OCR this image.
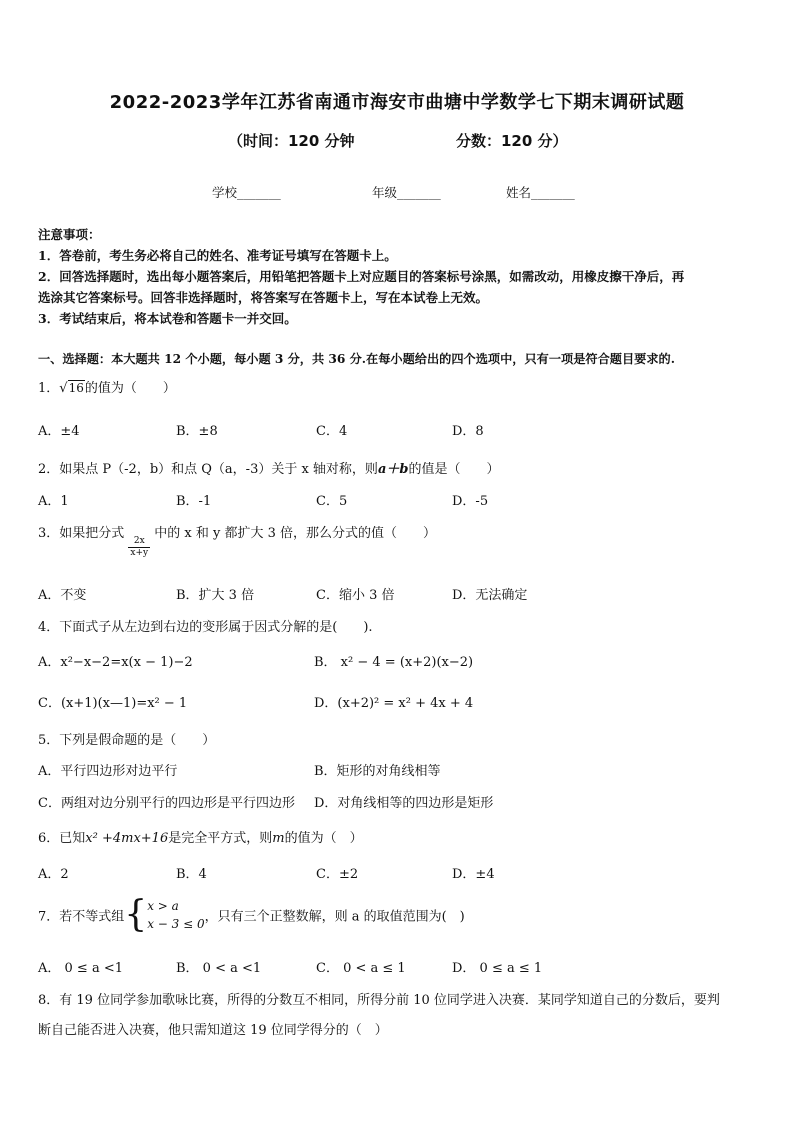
2022-2023学年江苏省南通市海安市曲塘中学数学七下期末调研试题
（时间：120 分钟	分数：120 分）
学校_______	年级_______	姓名_______
注意事项：
1．答卷前，考生务必将自己的姓名、准考证号填写在答题卡上。
2．回答选择题时，选出每小题答案后，用铅笔把答题卡上对应题目的答案标号涂黑，如需改动，用橡皮擦干净后，再
选涂其它答案标号。回答非选择题时，将答案写在答题卡上，写在本试卷上无效。
3．考试结束后，将本试卷和答题卡一并交回。
一、选择题：本大题共 12 个小题，每小题 3 分，共 36 分.在每小题给出的四个选项中，只有一项是符合题目要求的.
1．√16的值为（　　）
A．±4	B．±8	C．4	D．8
2．如果点 P（-2，b）和点 Q（a，-3）关于 x 轴对称，则a＋b的值是（　　）
A．1	B．-1	C．5	D．-5
3．如果把分式
$\frac{2x}{x+y}$
中的 x 和 y 都扩大 3 倍，那么分式的值（　　）
A．不变	B．扩大 3 倍	C．缩小 3 倍	D．无法确定
4．下面式子从左边到右边的变形属于因式分解的是(　　).
A．x²−x−2=x(x − 1)−2	B． x² − 4 = (x+2)(x−2)
C．(x+1)(x—1)=x² − 1	D．(x+2)² = x² + 4x + 4
5．下列是假命题的是（　　）
A．平行四边形对边平行	B．矩形的对角线相等
C．两组对边分别平行的四边形是平行四边形 D．对角线相等的四边形是矩形
6．已知x² +4mx+16是完全平方式，则m的值为（　）
A．2	B．4	C．±2	D．±4
7．若不等式组{ x > a
x − 3 ≤ 0 ，只有三个正整数解，则 a 的取值范围为(　)
A． 0 ≤ a <1	B． 0 < a <1	C． 0 < a ≤ 1	D． 0 ≤ a ≤ 1
8．有 19 位同学参加歌咏比赛，所得的分数互不相同，所得分前 10 位同学进入决赛．某同学知道自己的分数后，要判
断自己能否进入决赛，他只需知道这 19 位同学得分的（　）
